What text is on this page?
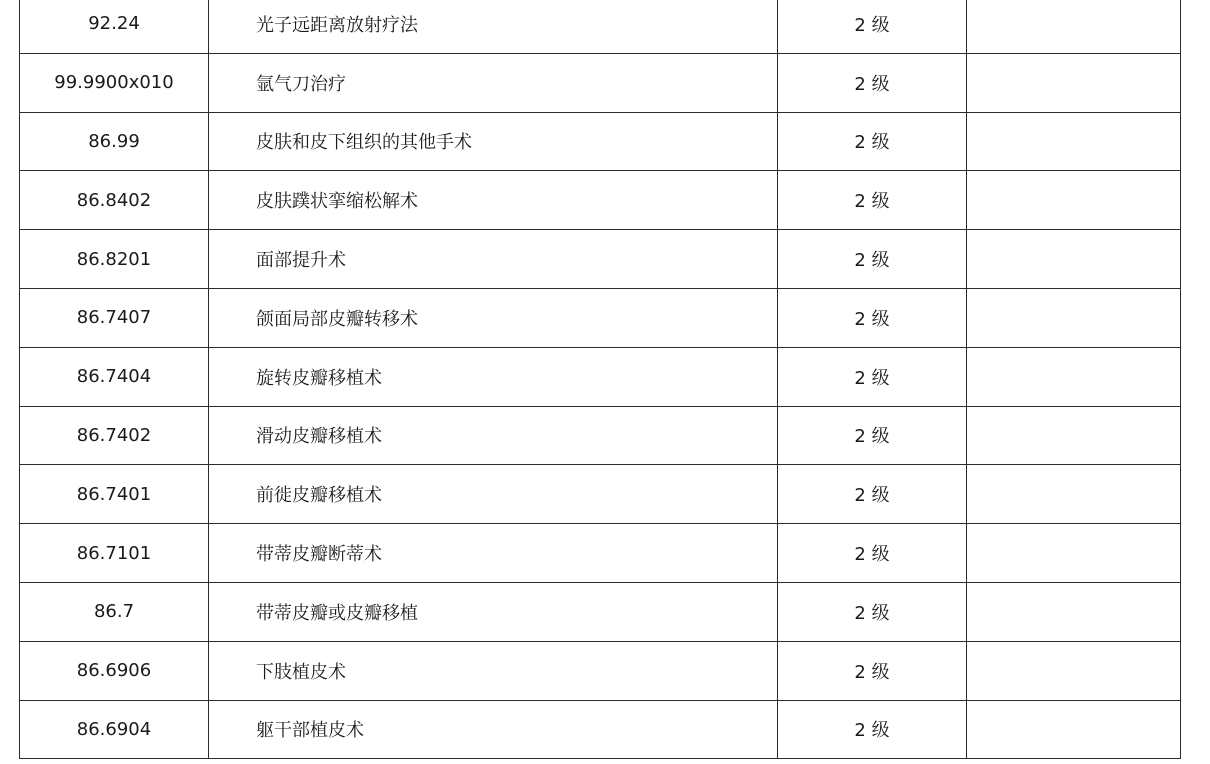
92.24	光子远距离放射疗法	2 级	
99.9900x010	氩气刀治疗	2 级	
86.99	皮肤和皮下组织的其他手术	2 级	
86.8402	皮肤蹼状挛缩松解术	2 级	
86.8201	面部提升术	2 级	
86.7407	颌面局部皮瓣转移术	2 级	
86.7404	旋转皮瓣移植术	2 级	
86.7402	滑动皮瓣移植术	2 级	
86.7401	前徙皮瓣移植术	2 级	
86.7101	带蒂皮瓣断蒂术	2 级	
86.7	带蒂皮瓣或皮瓣移植	2 级	
86.6906	下肢植皮术	2 级	
86.6904	躯干部植皮术	2 级	
